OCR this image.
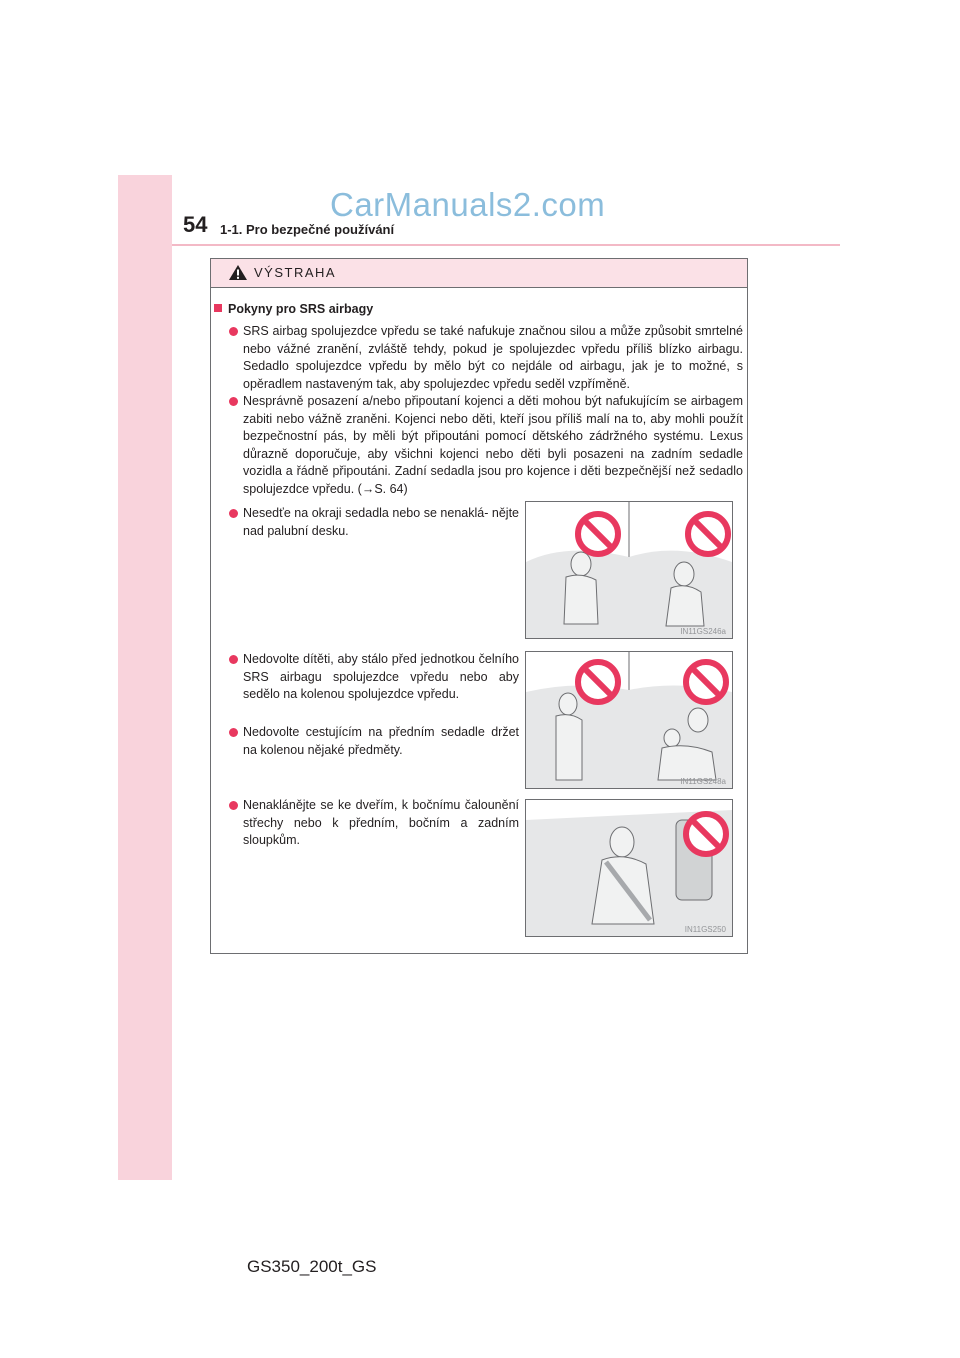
54 1-1. Pro bezpečné používání
CarManuals2.com
VÝSTRAHA
Pokyny pro SRS airbagy
SRS airbag spolujezdce vpředu se také nafukuje značnou silou a může způsobit smrtelné nebo vážné zranění, zvláště tehdy, pokud je spolujezdec vpředu příliš blízko airbagu. Sedadlo spolujezdce vpředu by mělo být co nejdále od airbagu, jak je to možné, s opěradlem nastaveným tak, aby spolujezdec vpředu seděl vzpříměně.
Nesprávně posazení a/nebo připoutaní kojenci a děti mohou být nafukujícím se airbagem zabiti nebo vážně zraněni. Kojenci nebo děti, kteří jsou příliš malí na to, aby mohli použít bezpečnostní pás, by měli být připoutáni pomocí dětského zádržného systému. Lexus důrazně doporučuje, aby všichni kojenci nebo děti byli posazeni na zadním sedadle vozidla a řádně připoutáni. Zadní sedadla jsou pro kojence i děti bezpečnější než sedadlo spolujezdce vpředu. (→S. 64)
Nesedťe na okraji sedadla nebo se nenaklá- nějte nad palubní desku.
Nedovolte dítěti, aby stálo před jednotkou čelního SRS airbagu spolujezdce vpředu nebo aby sedělo na kolenou spolujezdce vpředu.
Nedovolte cestujícím na předním sedadle držet na kolenou nějaké předměty.
Nenaklánějte se ke dveřím, k bočnímu čalounění střechy nebo k předním, bočním a zadním sloupkům.
IN11GS246a
IN11GS248a
IN11GS250
GS350_200t_GS
